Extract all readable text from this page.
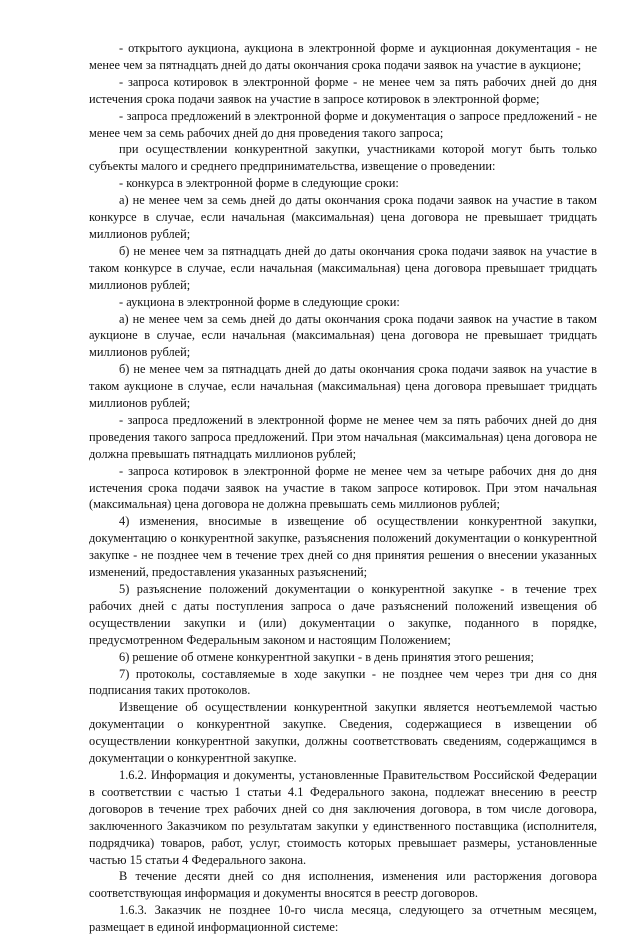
- открытого аукциона, аукциона в электронной форме и аукционная документация - не менее чем за пятнадцать дней до даты окончания срока подачи заявок на участие в аукционе;

- запроса котировок в электронной форме - не менее чем за пять рабочих дней до дня истечения срока подачи заявок на участие в запросе котировок в электронной форме;

- запроса предложений в электронной форме и документация о запросе предложений - не менее чем за семь рабочих дней до дня проведения такого запроса;

при осуществлении конкурентной закупки, участниками которой могут быть только субъекты малого и среднего предпринимательства, извещение о проведении:

- конкурса в электронной форме в следующие сроки:

а) не менее чем за семь дней до даты окончания срока подачи заявок на участие в таком конкурсе в случае, если начальная (максимальная) цена договора не превышает тридцать миллионов рублей;

б) не менее чем за пятнадцать дней до даты окончания срока подачи заявок на участие в таком конкурсе в случае, если начальная (максимальная) цена договора превышает тридцать миллионов рублей;

- аукциона в электронной форме в следующие сроки:

а) не менее чем за семь дней до даты окончания срока подачи заявок на участие в таком аукционе в случае, если начальная (максимальная) цена договора не превышает тридцать миллионов рублей;

б) не менее чем за пятнадцать дней до даты окончания срока подачи заявок на участие в таком аукционе в случае, если начальная (максимальная) цена договора превышает тридцать миллионов рублей;

- запроса предложений в электронной форме не менее чем за пять рабочих дней до дня проведения такого запроса предложений. При этом начальная (максимальная) цена договора не должна превышать пятнадцать миллионов рублей;

- запроса котировок в электронной форме не менее чем за четыре рабочих дня до дня истечения срока подачи заявок на участие в таком запросе котировок. При этом начальная (максимальная) цена договора не должна превышать семь миллионов рублей;

4) изменения, вносимые в извещение об осуществлении конкурентной закупки, документацию о конкурентной закупке, разъяснения положений документации о конкурентной закупке - не позднее чем в течение трех дней со дня принятия решения о внесении указанных изменений, предоставления указанных разъяснений;

5) разъяснение положений документации о конкурентной закупке - в течение трех рабочих дней с даты поступления запроса о даче разъяснений положений извещения об осуществлении закупки и (или) документации о закупке, поданного в порядке, предусмотренном Федеральным законом и настоящим Положением;

6) решение об отмене конкурентной закупки - в день принятия этого решения;

7) протоколы, составляемые в ходе закупки - не позднее чем через три дня со дня подписания таких протоколов.

Извещение об осуществлении конкурентной закупки является неотъемлемой частью документации о конкурентной закупке. Сведения, содержащиеся в извещении об осуществлении конкурентной закупки, должны соответствовать сведениям, содержащимся в документации о конкурентной закупке.

1.6.2. Информация и документы, установленные Правительством Российской Федерации в соответствии с частью 1 статьи 4.1 Федерального закона, подлежат внесению в реестр договоров в течение трех рабочих дней со дня заключения договора, в том числе договора, заключенного Заказчиком по результатам закупки у единственного поставщика (исполнителя, подрядчика) товаров, работ, услуг, стоимость которых превышает размеры, установленные частью 15 статьи 4 Федерального закона.

В течение десяти дней со дня исполнения, изменения или расторжения договора соответствующая информация и документы вносятся в реестр договоров.

1.6.3. Заказчик не позднее 10-го числа месяца, следующего за отчетным месяцем, размещает в единой информационной системе:
